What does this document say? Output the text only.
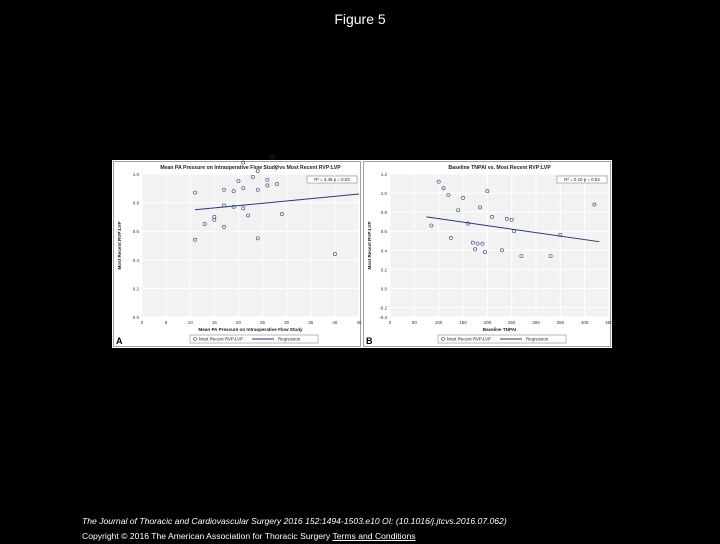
Figure 5
0.0
0.2
0.4
0.6
0.8
1.0
0	5	10	15	20	25	30	35	40	45
Mean PA Pressure on Intraoperative Flow Study vs Most Recent RVP:LVP
Mean PA Pressure on Intraoperative Flow Study
Most Recent RVP:LVP
R² = 3.48 p = 0.03
A	Most Recent RVP:LVP	Regression
-0.3
-0.2
0.0
0.2
0.4
0.6
0.8
1.0
1.2
0	50	100	150	200	250	300	350	400	450
Baseline TNPAI vs. Most Recent RVP:LVP
Baseline TNPAI
Most Recent RVP:LVP
R² = 0.10 p = 0.03
B	Most Recent RVP:LVP	Regression
The Journal of Thoracic and Cardiovascular Surgery 2016 152:1494-1503.e10 OI: (10.1016/j.jtcvs.2016.07.062)
Copyright © 2016 The American Association for Thoracic Surgery Terms and Conditions
